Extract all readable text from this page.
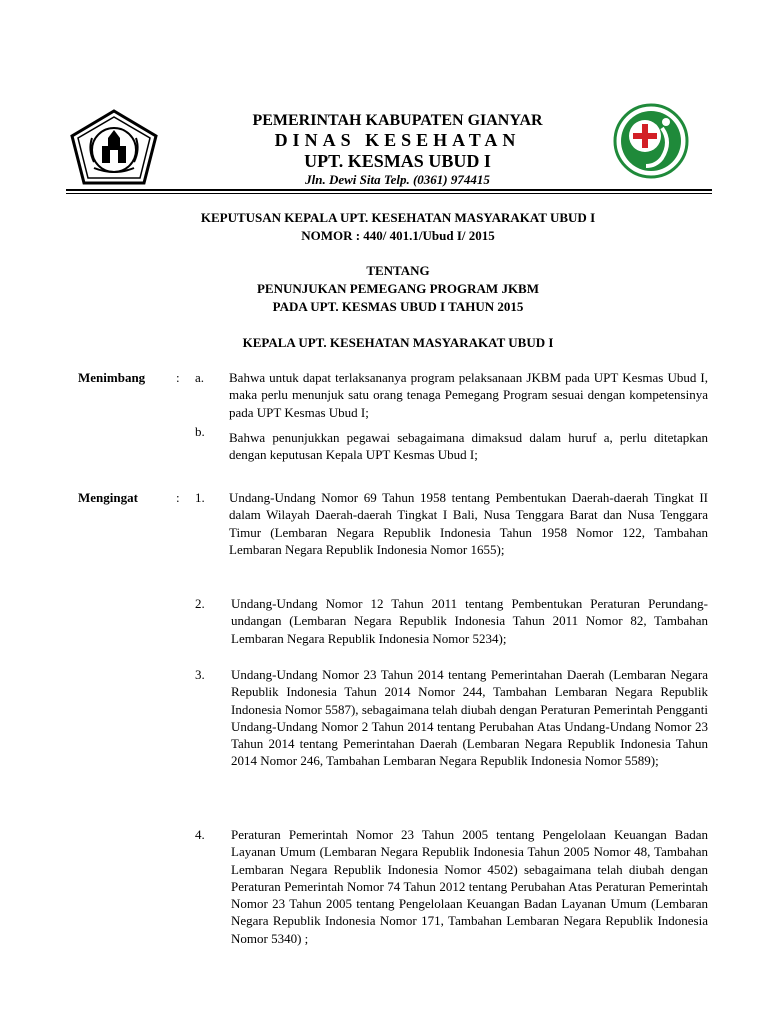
PEMERINTAH KABUPATEN GIANYAR
DINAS KESEHATAN
UPT. KESMAS UBUD I
Jln. Dewi Sita Telp. (0361) 974415
KEPUTUSAN KEPALA UPT. KESEHATAN MASYARAKAT UBUD I
NOMOR : 440/ 401.1/Ubud I/ 2015
TENTANG
PENUNJUKAN PEMEGANG PROGRAM JKBM
PADA UPT. KESMAS UBUD I TAHUN 2015
KEPALA UPT. KESEHATAN MASYARAKAT UBUD I
Menimbang : a. Bahwa untuk dapat terlaksananya program pelaksanaan JKBM pada UPT Kesmas Ubud I, maka perlu menunjuk satu orang tenaga Pemegang Program sesuai dengan kompetensinya pada UPT Kesmas Ubud I;
b. Bahwa penunjukkan pegawai sebagaimana dimaksud dalam huruf a, perlu ditetapkan dengan keputusan Kepala UPT Kesmas Ubud I;
Mengingat	: 1. Undang-Undang Nomor 69 Tahun 1958 tentang Pembentukan Daerah-daerah Tingkat II dalam Wilayah Daerah-daerah Tingkat I Bali, Nusa Tenggara Barat dan Nusa Tenggara Timur (Lembaran Negara Republik Indonesia Tahun 1958 Nomor 122, Tambahan Lembaran Negara Republik Indonesia Nomor 1655);
2. Undang-Undang Nomor 12 Tahun 2011 tentang Pembentukan Peraturan Perundang-undangan (Lembaran Negara Republik Indonesia Tahun 2011 Nomor 82, Tambahan Lembaran Negara Republik Indonesia Nomor 5234);
3. Undang-Undang Nomor 23 Tahun 2014 tentang Pemerintahan Daerah (Lembaran Negara Republik Indonesia Tahun 2014 Nomor 244, Tambahan Lembaran Negara Republik Indonesia Nomor 5587), sebagaimana telah diubah dengan Peraturan Pemerintah Pengganti Undang-Undang Nomor 2 Tahun 2014 tentang Perubahan Atas Undang-Undang Nomor 23 Tahun 2014 tentang Pemerintahan Daerah (Lembaran Negara Republik Indonesia Tahun 2014 Nomor 246, Tambahan Lembaran Negara Republik Indonesia Nomor 5589);
4. Peraturan Pemerintah Nomor 23 Tahun 2005 tentang Pengelolaan Keuangan Badan Layanan Umum (Lembaran Negara Republik Indonesia Tahun 2005 Nomor 48, Tambahan Lembaran Negara Republik Indonesia Nomor 4502) sebagaimana telah diubah dengan Peraturan Pemerintah Nomor 74 Tahun 2012 tentang Perubahan Atas Peraturan Pemerintah Nomor 23 Tahun 2005 tentang Pengelolaan Keuangan Badan Layanan Umum (Lembaran Negara Republik Indonesia Nomor 171, Tambahan Lembaran Negara Republik Indonesia Nomor 5340) ;
